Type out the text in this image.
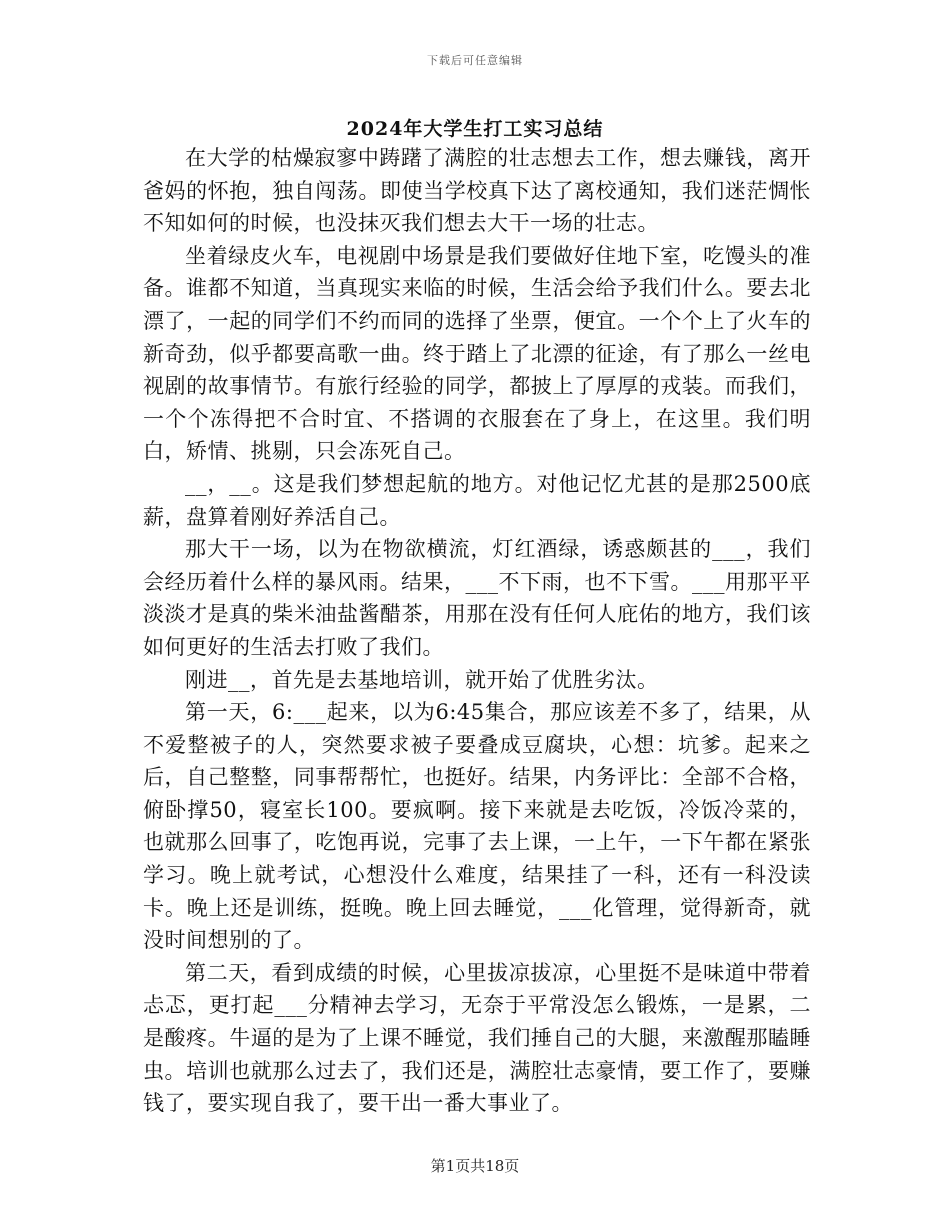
下载后可任意编辑
2024年大学生打工实习总结

在大学的枯燥寂寥中踌躇了满腔的壮志想去工作，想去赚钱，离开爸妈的怀抱，独自闯荡。即使当学校真下达了离校通知，我们迷茫惆怅不知如何的时候，也没抹灭我们想去大干一场的壮志。

坐着绿皮火车，电视剧中场景是我们要做好住地下室，吃馒头的准备。谁都不知道，当真现实来临的时候，生活会给予我们什么。要去北漂了，一起的同学们不约而同的选择了坐票，便宜。一个个上了火车的新奇劲，似乎都要高歌一曲。终于踏上了北漂的征途，有了那么一丝电视剧的故事情节。有旅行经验的同学，都披上了厚厚的戎装。而我们，一个个冻得把不合时宜、不搭调的衣服套在了身上，在这里。我们明白，矫情、挑剔，只会冻死自己。

__，__。这是我们梦想起航的地方。对他记忆尤甚的是那2500底薪，盘算着刚好养活自己。

那大干一场，以为在物欲横流，灯红酒绿，诱惑颇甚的___，我们会经历着什么样的暴风雨。结果，___不下雨，也不下雪。___用那平平淡淡才是真的柴米油盐酱醋茶，用那在没有任何人庇佑的地方，我们该如何更好的生活去打败了我们。

刚进__，首先是去基地培训，就开始了优胜劣汰。

第一天，6:___起来，以为6:45集合，那应该差不多了，结果，从不爱整被子的人，突然要求被子要叠成豆腐块，心想：坑爹。起来之后，自己整整，同事帮帮忙，也挺好。结果，内务评比：全部不合格，俯卧撑50，寝室长100。要疯啊。接下来就是去吃饭，冷饭冷菜的，也就那么回事了，吃饱再说，完事了去上课，一上午，一下午都在紧张学习。晚上就考试，心想没什么难度，结果挂了一科，还有一科没读卡。晚上还是训练，挺晚。晚上回去睡觉，___化管理，觉得新奇，就没时间想别的了。

第二天，看到成绩的时候，心里拔凉拔凉，心里挺不是味道中带着忐忑，更打起___分精神去学习，无奈于平常没怎么锻炼，一是累，二是酸疼。牛逼的是为了上课不睡觉，我们捶自己的大腿，来激醒那瞌睡虫。培训也就那么过去了，我们还是，满腔壮志豪情，要工作了，要赚钱了，要实现自我了，要干出一番大事业了。

第1页共18页
